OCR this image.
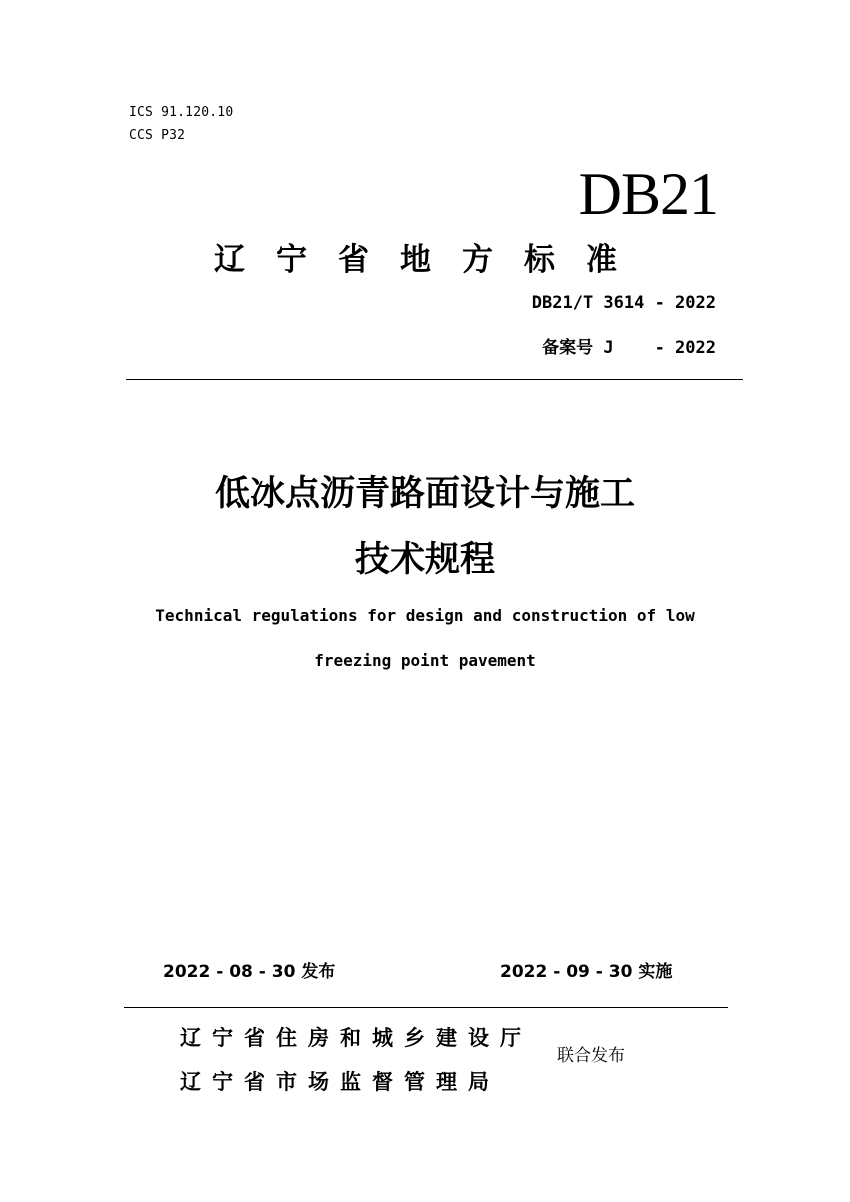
ICS 91.120.10
CCS P32
DB21
辽宁省地方标准
DB21/T 3614 - 2022
备案号 J    - 2022
低冰点沥青路面设计与施工
技术规程
Technical regulations for design and construction of low
freezing point pavement
2022 - 08 - 30 发布	2022 - 09 - 30 实施
辽宁省住房和城乡建设厅
辽宁省市场监督管理局
联合发布
